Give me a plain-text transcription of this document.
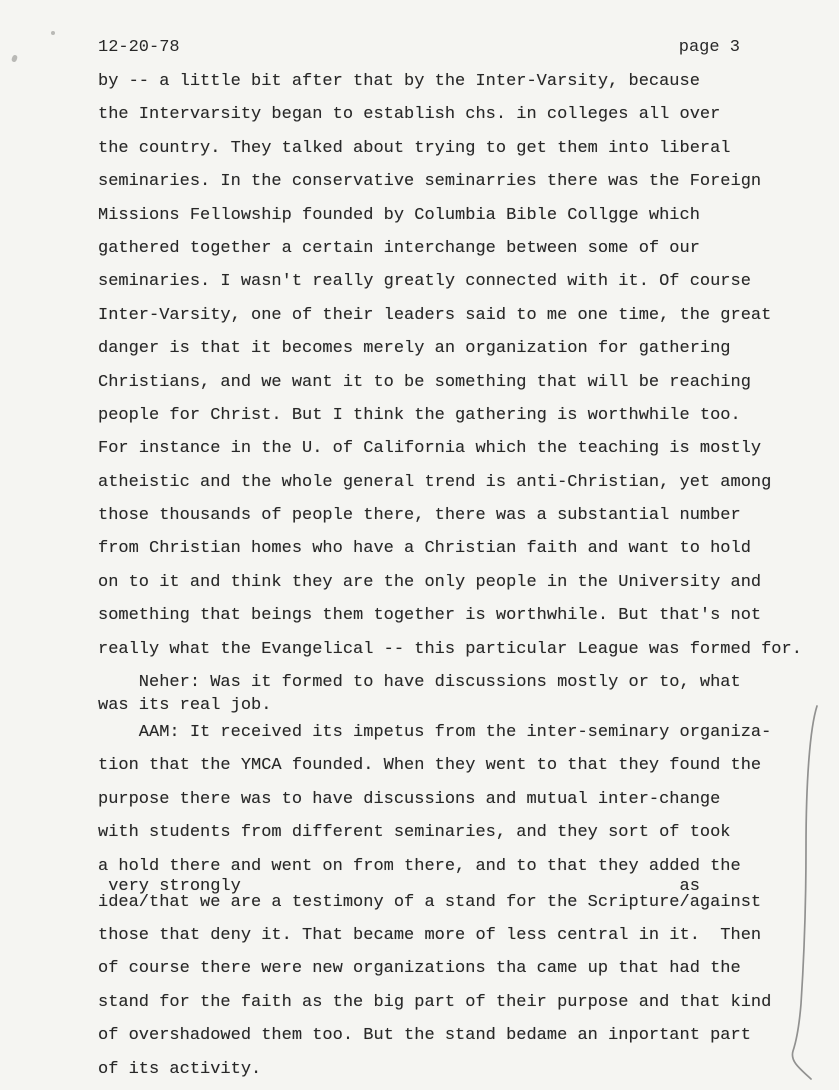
12-20-78	page 3
by -- a little bit after that by the Inter-Varsity, because
the Intervarsity began to establish chs. in colleges all over
the country. They talked about trying to get them into liberal
seminaries. In the conservative seminarries there was the Foreign
Missions Fellowship founded by Columbia Bible Collgge which
gathered together a certain interchange between some of our
seminaries. I wasn't really greatly connected with it. Of course
Inter-Varsity, one of their leaders said to me one time, the great
danger is that it becomes merely an organization for gathering
Christians, and we want it to be something that will be reaching
people for Christ. But I think the gathering is worthwhile too.
For instance in the U. of California which the teaching is mostly
atheistic and the whole general trend is anti-Christian, yet among
those thousands of people there, there was a substantial number
from Christian homes who have a Christian faith and want to hold
on to it and think they are the only people in the University and
something that beings them together is worthwhile. But that's not
really what the Evangelical -- this particular League was formed for.
Neher: Was it formed to have discussions mostly or to, what
was its real job.
AAM: It received its impetus from the inter-seminary organiza-
tion that the YMCA founded. When they went to that they found the
purpose there was to have discussions and mutual inter-change
with students from different seminaries, and they sort of took
a hold there and went on from there, and to that they added the
very strongly                                           as
idea/that we are a testimony of a stand for the Scripture/against
those that deny it. That became more of less central in it.  Then
of course there were new organizations tha came up that had the
stand for the faith as the big part of their purpose and that kind
of overshadowed them too. But the stand bedame an inportant part
of its activity.
